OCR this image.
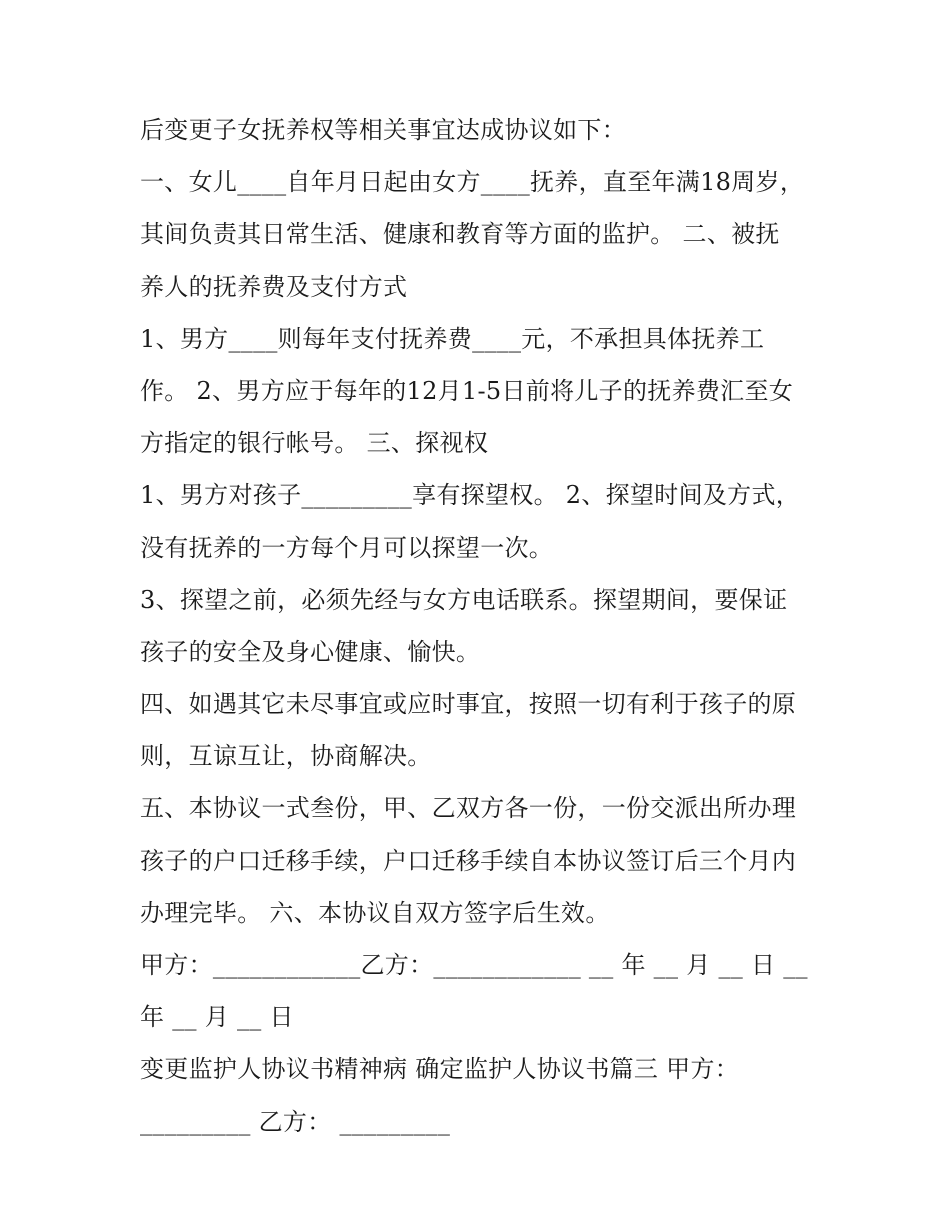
后变更子女抚养权等相关事宜达成协议如下：
一、女儿____自年月日起由女方____抚养，直至年满18周岁，
其间负责其日常生活、健康和教育等方面的监护。 二、被抚
养人的抚养费及支付方式
1、男方____则每年支付抚养费____元，不承担具体抚养工
作。 2、男方应于每年的12月1-5日前将儿子的抚养费汇至女
方指定的银行帐号。 三、探视权
1、男方对孩子_________享有探望权。 2、探望时间及方式，
没有抚养的一方每个月可以探望一次。
3、探望之前，必须先经与女方电话联系。探望期间，要保证
孩子的安全及身心健康、愉快。
四、如遇其它未尽事宜或应时事宜，按照一切有利于孩子的原
则，互谅互让，协商解决。
五、本协议一式叁份，甲、乙双方各一份，一份交派出所办理
孩子的户口迁移手续，户口迁移手续自本协议签订后三个月内
办理完毕。 六、本协议自双方签字后生效。
甲方：____________乙方：____________ __ 年 __ 月 __ 日 __
年 __ 月 __ 日
变更监护人协议书精神病 确定监护人协议书篇三 甲方：
_________ 乙方： _________
